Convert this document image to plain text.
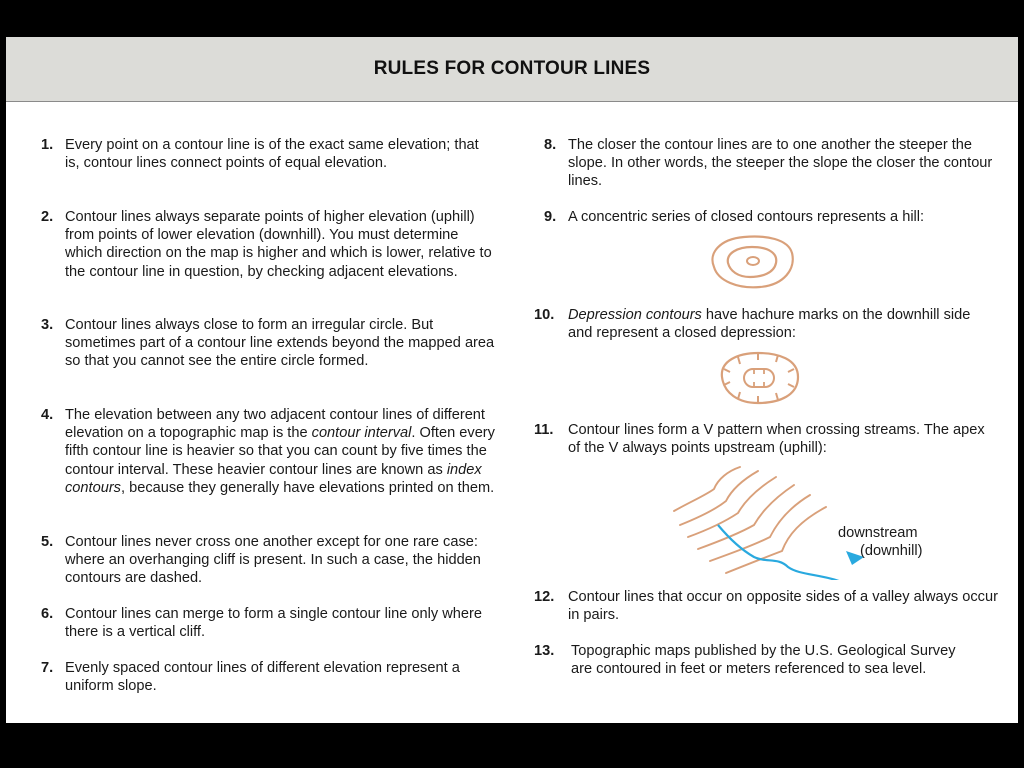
RULES FOR CONTOUR LINES
1. Every point on a contour line is of the exact same elevation; that is, contour lines connect points of equal elevation.
2. Contour lines always separate points of higher elevation (uphill) from points of lower elevation (downhill). You must determine which direction on the map is higher and which is lower, relative to the contour line in question, by checking adjacent elevations.
3. Contour lines always close to form an irregular circle. But sometimes part of a contour line extends beyond the mapped area so that you cannot see the entire circle formed.
4. The elevation between any two adjacent contour lines of different elevation on a topographic map is the contour interval. Often every fifth contour line is heavier so that you can count by five times the contour interval. These heavier contour lines are known as index contours, because they generally have elevations printed on them.
5. Contour lines never cross one another except for one rare case: where an overhanging cliff is present. In such a case, the hidden contours are dashed.
6. Contour lines can merge to form a single contour line only where there is a vertical cliff.
7. Evenly spaced contour lines of different elevation represent a uniform slope.
8. The closer the contour lines are to one another the steeper the slope. In other words, the steeper the slope the closer the contour lines.
9. A concentric series of closed contours represents a hill:
10. Depression contours have hachure marks on the downhill side and represent a closed depression:
11. Contour lines form a V pattern when crossing streams. The apex of the V always points upstream (uphill):
12. Contour lines that occur on opposite sides of a valley always occur in pairs.
13. Topographic maps published by the U.S. Geological Survey are contoured in feet or meters referenced to sea level.
downstream
(downhill)
